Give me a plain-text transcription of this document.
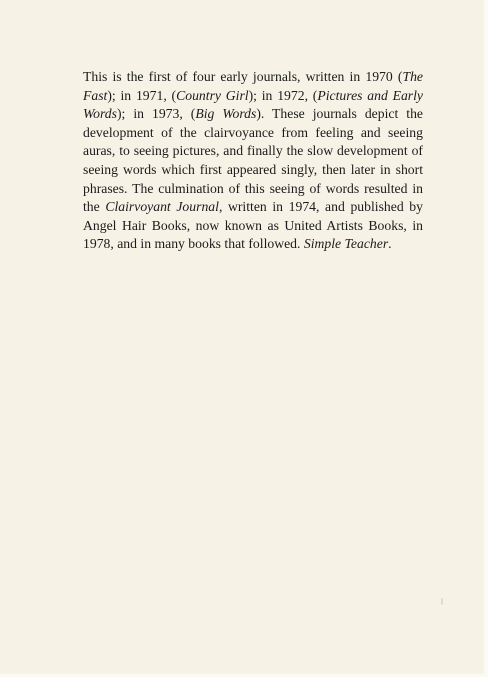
This is the first of four early journals, written in 1970 (The Fast); in 1971, (Country Girl); in 1972, (Pictures and Early Words); in 1973, (Big Words). These journals depict the development of the clairvoyance from feeling and seeing auras, to seeing pictures, and finally the slow development of seeing words which first appeared singly, then later in short phrases. The culmination of this seeing of words resulted in the Clairvoyant Journal, written in 1974, and published by Angel Hair Books, now known as United Artists Books, in 1978, and in many books that followed. Simple Teacher.
